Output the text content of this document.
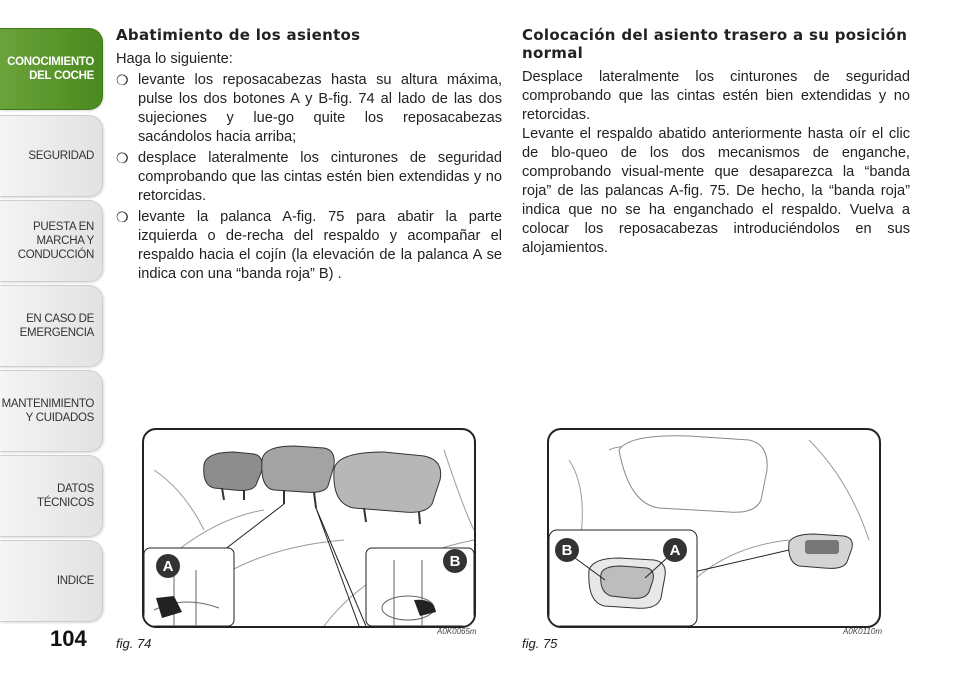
CONOCIMIENTO DEL COCHE
SEGURIDAD
PUESTA EN MARCHA Y CONDUCCIÓN
EN CASO DE EMERGENCIA
MANTENIMIENTO Y CUIDADOS
DATOS TÉCNICOS
INDICE
104
Abatimiento de los asientos

Haga lo siguiente:

❍ levante los reposacabezas hasta su altura máxima, pulse los dos botones A y B-fig. 74 al lado de las dos sujeciones y lue-go quite los reposacabezas sacándolos hacia arriba;
❍ desplace lateralmente los cinturones de seguridad comprobando que las cintas estén bien extendidas y no retorcidas.
❍ levante la palanca A-fig. 75 para abatir la parte izquierda o de-recha del respaldo y acompañar el respaldo hacia el cojín (la elevación de la palanca A se indica con una “banda roja” B) .
Colocación del asiento trasero a su posición normal

Desplace lateralmente los cinturones de seguridad comprobando que las cintas estén bien extendidas y no retorcidas.

Levante el respaldo abatido anteriormente hasta oír el clic de blo-queo de los dos mecanismos de enganche, comprobando visual-mente que desaparezca la “banda roja” de las palancas A-fig. 75. De hecho, la “banda roja” indica que no se ha enganchado el respaldo. Vuelva a colocar los reposacabezas introduciéndolos en sus alojamientos.

A	B
fig. 74
A0K0065m
B	A
fig. 75
A0K0110m
